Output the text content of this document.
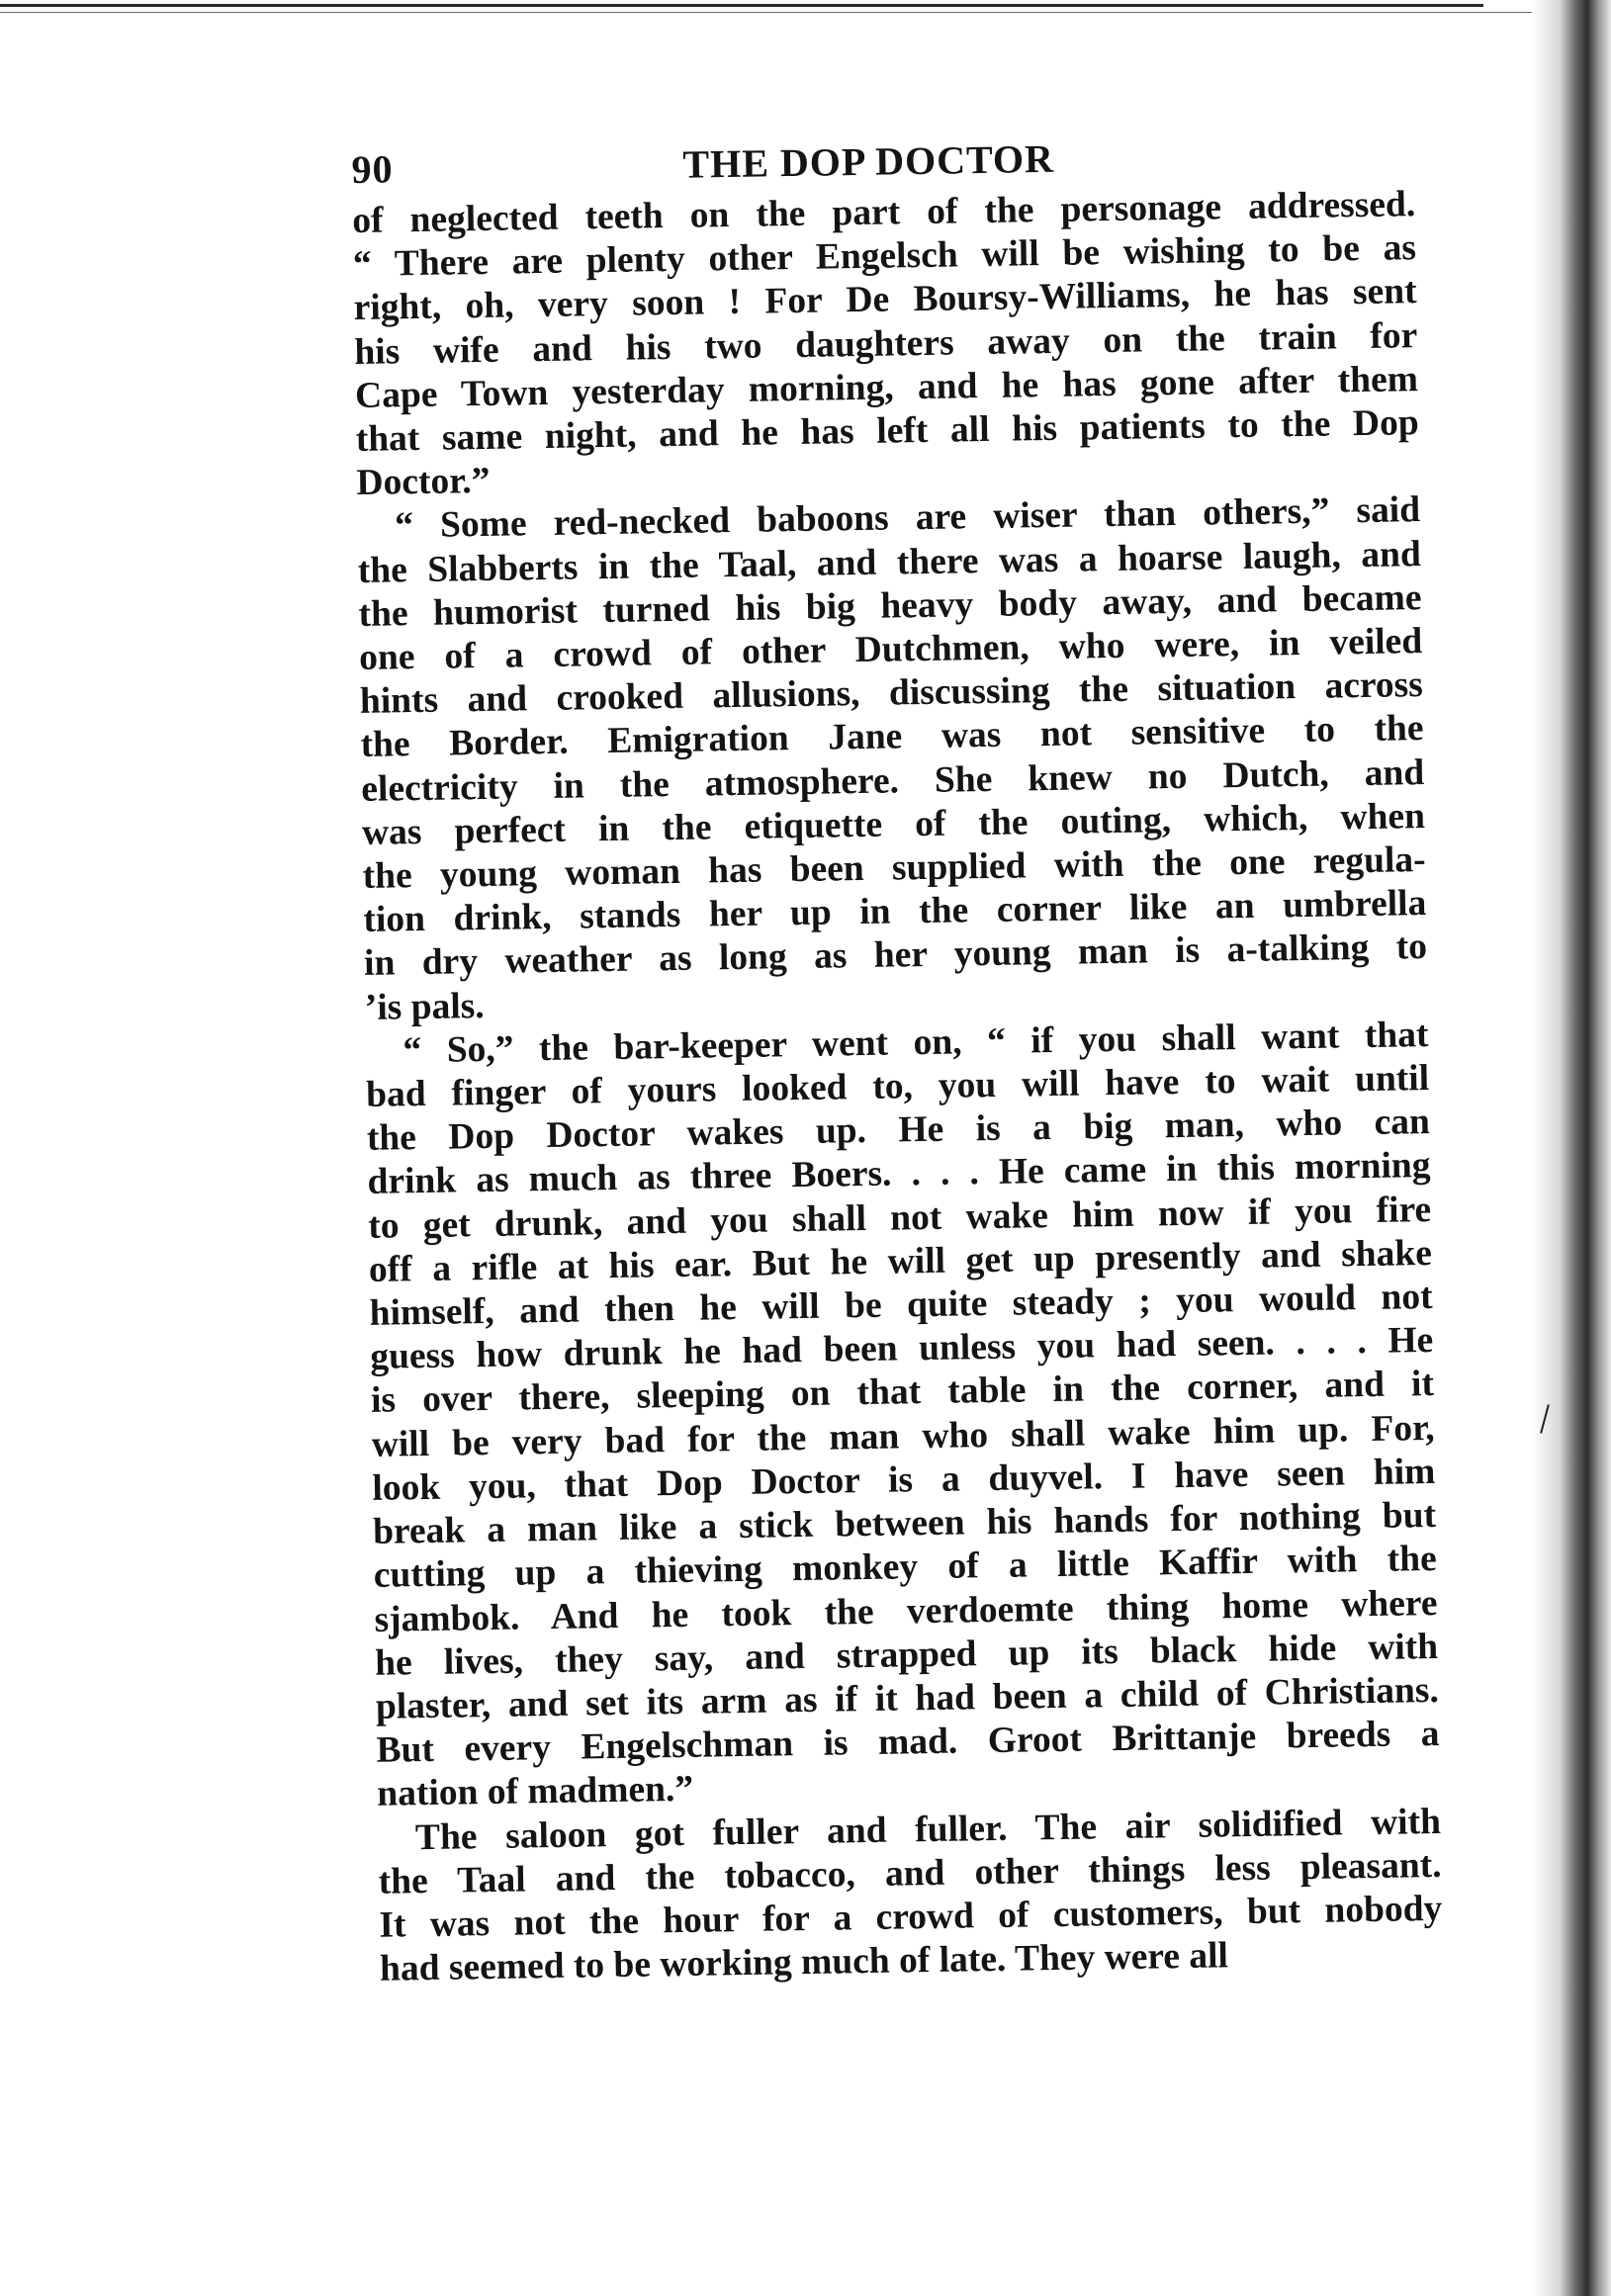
90	THE DOP DOCTOR
of neglected teeth on the part of the personage addressed.
“ There are plenty other Engelsch will be wishing to be as
right, oh, very soon ! For De Boursy-Williams, he has sent
his wife and his two daughters away on the train for
Cape Town yesterday morning, and he has gone after them
that same night, and he has left all his patients to the Dop
Doctor.”
“ Some red-necked baboons are wiser than others,” said
the Slabberts in the Taal, and there was a hoarse laugh, and
the humorist turned his big heavy body away, and became
one of a crowd of other Dutchmen, who were, in veiled
hints and crooked allusions, discussing the situation across
the Border. Emigration Jane was not sensitive to the
electricity in the atmosphere. She knew no Dutch, and
was perfect in the etiquette of the outing, which, when
the young woman has been supplied with the one regula-
tion drink, stands her up in the corner like an umbrella
in dry weather as long as her young man is a-talking to
’is pals.
“ So,” the bar-keeper went on, “ if you shall want that
bad finger of yours looked to, you will have to wait until
the Dop Doctor wakes up. He is a big man, who can
drink as much as three Boers. . . . He came in this morning
to get drunk, and you shall not wake him now if you fire
off a rifle at his ear. But he will get up presently and shake
himself, and then he will be quite steady ; you would not
guess how drunk he had been unless you had seen. . . . He
is over there, sleeping on that table in the corner, and it
will be very bad for the man who shall wake him up. For,
look you, that Dop Doctor is a duyvel. I have seen him
break a man like a stick between his hands for nothing but
cutting up a thieving monkey of a little Kaffir with the
sjambok. And he took the verdoemte thing home where
he lives, they say, and strapped up its black hide with
plaster, and set its arm as if it had been a child of Christians.
But every Engelschman is mad. Groot Brittanje breeds a
nation of madmen.”
The saloon got fuller and fuller. The air solidified with
the Taal and the tobacco, and other things less pleasant.
It was not the hour for a crowd of customers, but nobody
had seemed to be working much of late. They were all
